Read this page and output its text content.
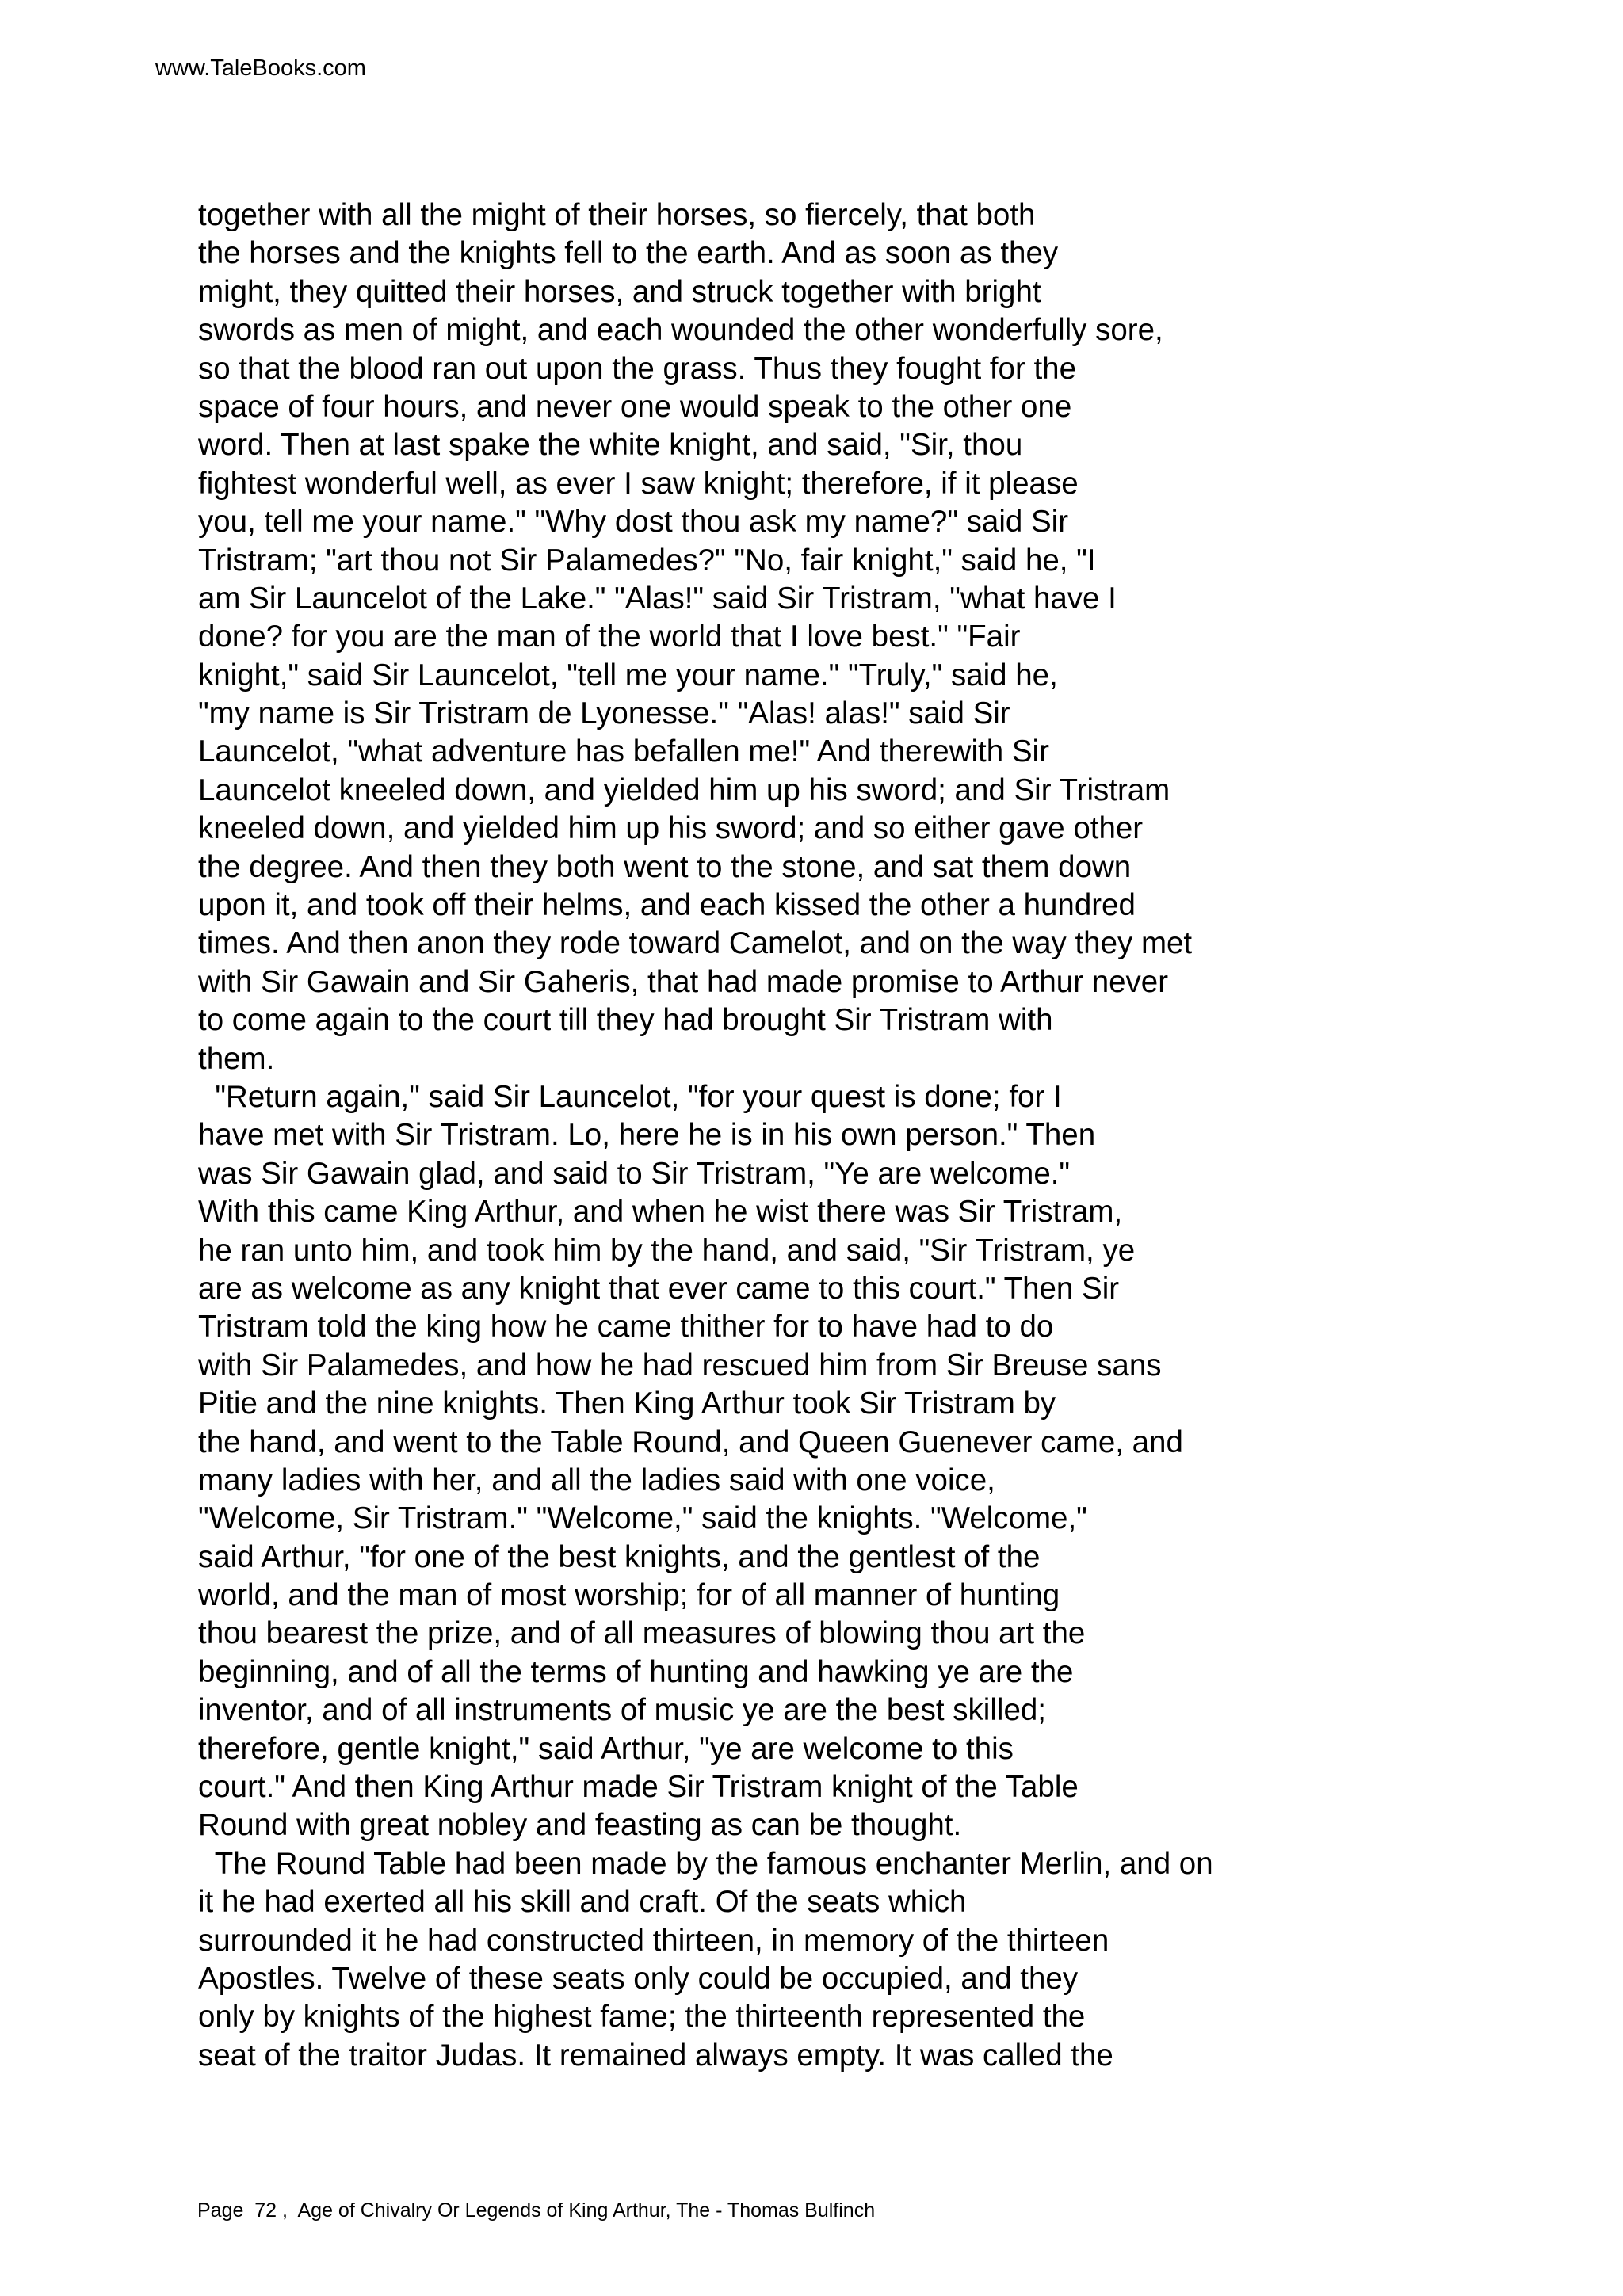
www.TaleBooks.com
together with all the might of their horses, so fiercely, that both
the horses and the knights fell to the earth. And as soon as they
might, they quitted their horses, and struck together with bright
swords as men of might, and each wounded the other wonderfully sore,
so that the blood ran out upon the grass. Thus they fought for the
space of four hours, and never one would speak to the other one
word. Then at last spake the white knight, and said, "Sir, thou
fightest wonderful well, as ever I saw knight; therefore, if it please
you, tell me your name." "Why dost thou ask my name?" said Sir
Tristram; "art thou not Sir Palamedes?" "No, fair knight," said he, "I
am Sir Launcelot of the Lake." "Alas!" said Sir Tristram, "what have I
done? for you are the man of the world that I love best." "Fair
knight," said Sir Launcelot, "tell me your name." "Truly," said he,
"my name is Sir Tristram de Lyonesse." "Alas! alas!" said Sir
Launcelot, "what adventure has befallen me!" And therewith Sir
Launcelot kneeled down, and yielded him up his sword; and Sir Tristram
kneeled down, and yielded him up his sword; and so either gave other
the degree. And then they both went to the stone, and sat them down
upon it, and took off their helms, and each kissed the other a hundred
times. And then anon they rode toward Camelot, and on the way they met
with Sir Gawain and Sir Gaheris, that had made promise to Arthur never
to come again to the court till they had brought Sir Tristram with
them.
"Return again," said Sir Launcelot, "for your quest is done; for I
have met with Sir Tristram. Lo, here he is in his own person." Then
was Sir Gawain glad, and said to Sir Tristram, "Ye are welcome."
With this came King Arthur, and when he wist there was Sir Tristram,
he ran unto him, and took him by the hand, and said, "Sir Tristram, ye
are as welcome as any knight that ever came to this court." Then Sir
Tristram told the king how he came thither for to have had to do
with Sir Palamedes, and how he had rescued him from Sir Breuse sans
Pitie and the nine knights. Then King Arthur took Sir Tristram by
the hand, and went to the Table Round, and Queen Guenever came, and
many ladies with her, and all the ladies said with one voice,
"Welcome, Sir Tristram." "Welcome," said the knights. "Welcome,"
said Arthur, "for one of the best knights, and the gentlest of the
world, and the man of most worship; for of all manner of hunting
thou bearest the prize, and of all measures of blowing thou art the
beginning, and of all the terms of hunting and hawking ye are the
inventor, and of all instruments of music ye are the best skilled;
therefore, gentle knight," said Arthur, "ye are welcome to this
court." And then King Arthur made Sir Tristram knight of the Table
Round with great nobley and feasting as can be thought.
The Round Table had been made by the famous enchanter Merlin, and on
it he had exerted all his skill and craft. Of the seats which
surrounded it he had constructed thirteen, in memory of the thirteen
Apostles. Twelve of these seats only could be occupied, and they
only by knights of the highest fame; the thirteenth represented the
seat of the traitor Judas. It remained always empty. It was called the
Page  72 ,  Age of Chivalry Or Legends of King Arthur, The - Thomas Bulfinch
